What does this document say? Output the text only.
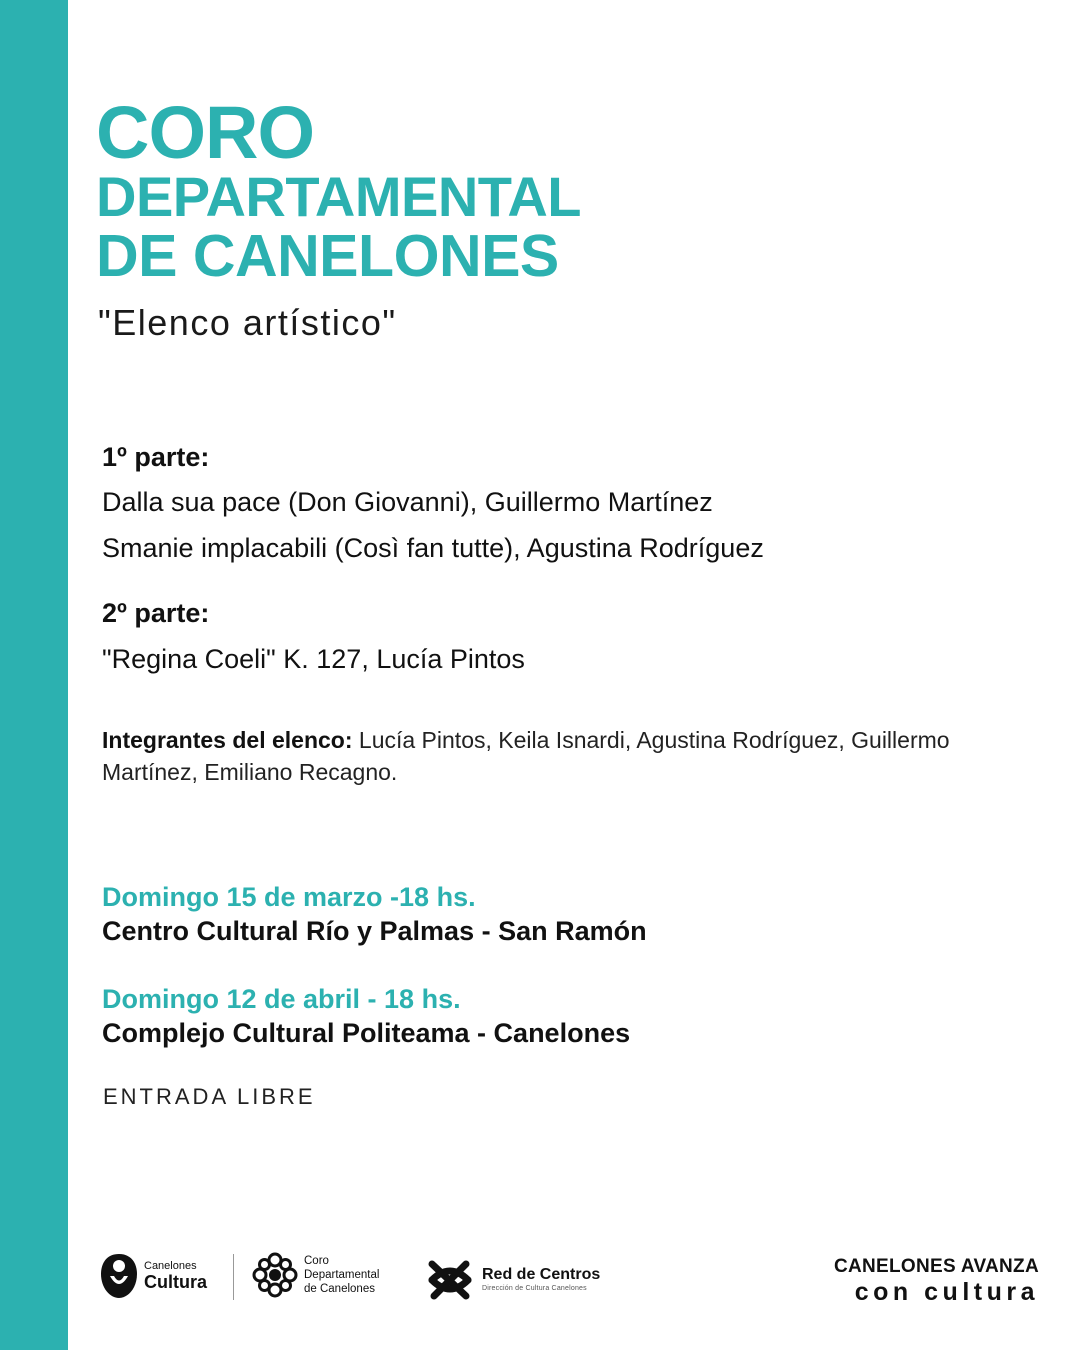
CORO
DEPARTAMENTAL
DE CANELONES
"Elenco artístico"
1º parte:
Dalla sua pace (Don Giovanni), Guillermo Martínez
Smanie implacabili (Così fan tutte), Agustina Rodríguez
2º parte:
"Regina Coeli" K. 127, Lucía Pintos
Integrantes del elenco: Lucía Pintos, Keila Isnardi, Agustina Rodríguez, Guillermo Martínez, Emiliano Recagno.
Domingo 15 de marzo -18 hs.
Centro Cultural Río y Palmas - San Ramón
Domingo 12 de abril - 18 hs.
Complejo Cultural Politeama - Canelones
ENTRADA LIBRE
Canelones
Cultura
Coro
Departamental
de Canelones
Red de Centros
Dirección de Cultura Canelones
CANELONES AVANZA
con cultura
